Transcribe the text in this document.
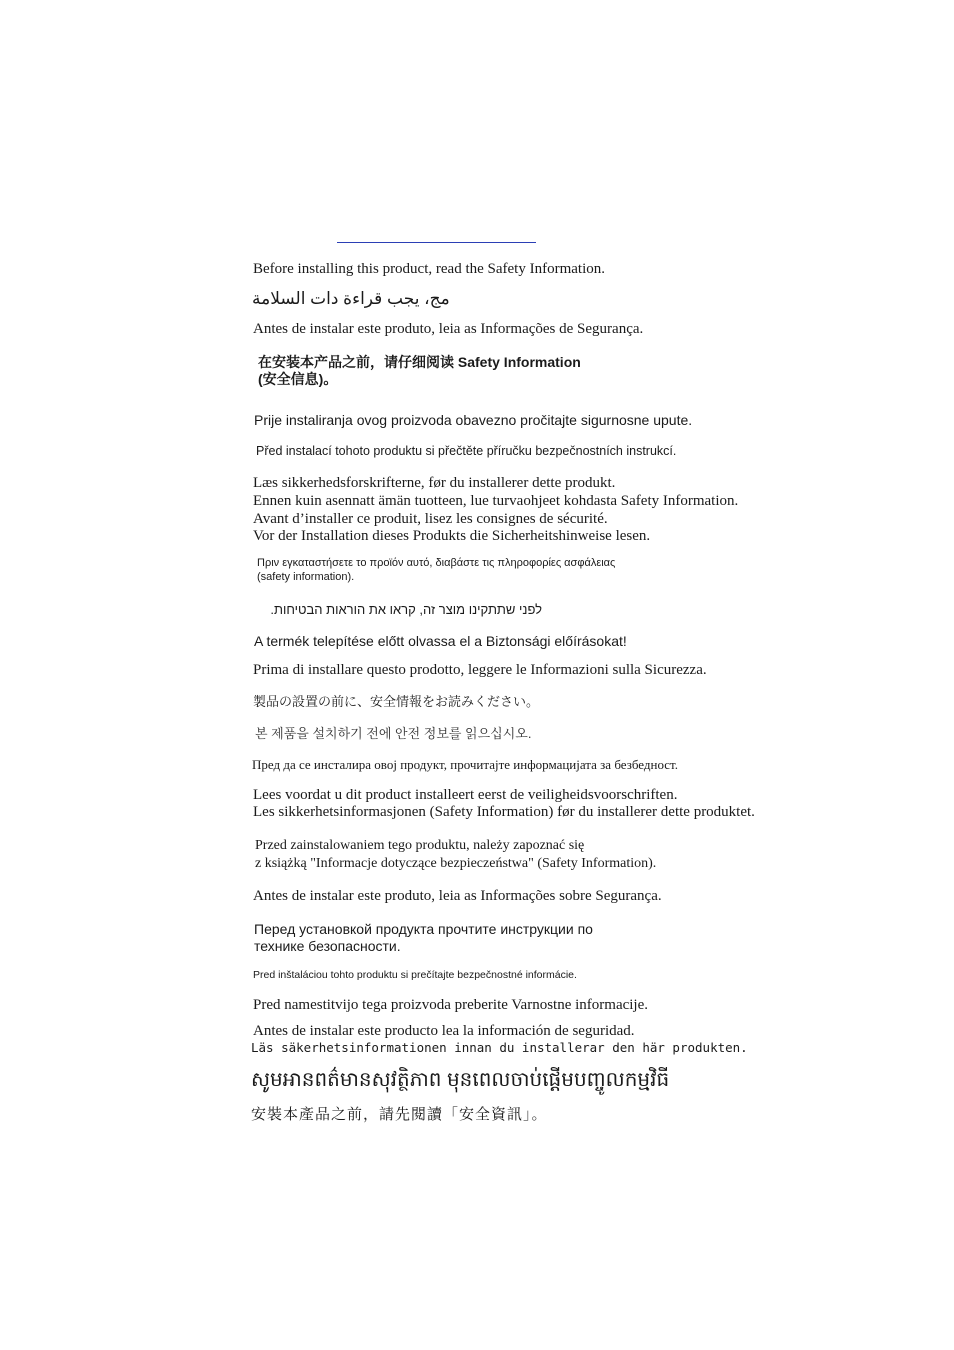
Before installing this product, read the Safety Information.
مج، يجب قراءة دات السلامة
Antes de instalar este produto, leia as Informações de Segurança.
在安装本产品之前，请仔细阅读 Safety Information
(安全信息)。
Prije instaliranja ovog proizvoda obavezno pročitajte sigurnosne upute.
Před instalací tohoto produktu si přečtěte příručku bezpečnostních instrukcí.
Læs sikkerhedsforskrifterne, før du installerer dette produkt.
Ennen kuin asennatt ämän tuotteen, lue turvaohjeet kohdasta Safety Information.
Avant d’installer ce produit, lisez les consignes de sécurité.
Vor der Installation dieses Produkts die Sicherheitshinweise lesen.
Πριν εγκαταστήσετε το προϊόν αυτό, διαβάστε τις πληροφορίες ασφάλειας
(safety information).
לפני שתתקינו מוצר זה, קראו את הוראות הבטיחות.
A termék telepítése előtt olvassa el a Biztonsági előírásokat!
Prima di installare questo prodotto, leggere le Informazioni sulla Sicurezza.
製品の設置の前に、安全情報をお読みください。
본 제품을 설치하기 전에 안전 정보를 읽으십시오.
Пред да се инсталира овој продукт, прочитајте информацијата за безбедност.
Lees voordat u dit product installeert eerst de veiligheidsvoorschriften.
Les sikkerhetsinformasjonen (Safety Information) før du installerer dette produktet.
Przed zainstalowaniem tego produktu, należy zapoznać się
z książką "Informacje dotyczące bezpieczeństwa" (Safety Information).
Antes de instalar este produto, leia as Informações sobre Segurança.
Перед установкой продукта прочтите инструкции по
технике безопасности.
Pred inštaláciou tohto produktu si prečítajte bezpečnostné informácie.
Pred namestitvijo tega proizvoda preberite Varnostne informacije.
Antes de instalar este producto lea la información de seguridad.
Läs säkerhetsinformationen innan du installerar den här produkten.
សូមអានពត៌មានសុវត្ថិភាព មុនពេលចាប់ផ្តើមបញ្ចូលកម្មវិធី
安裝本產品之前，請先閱讀「安全資訊」。
